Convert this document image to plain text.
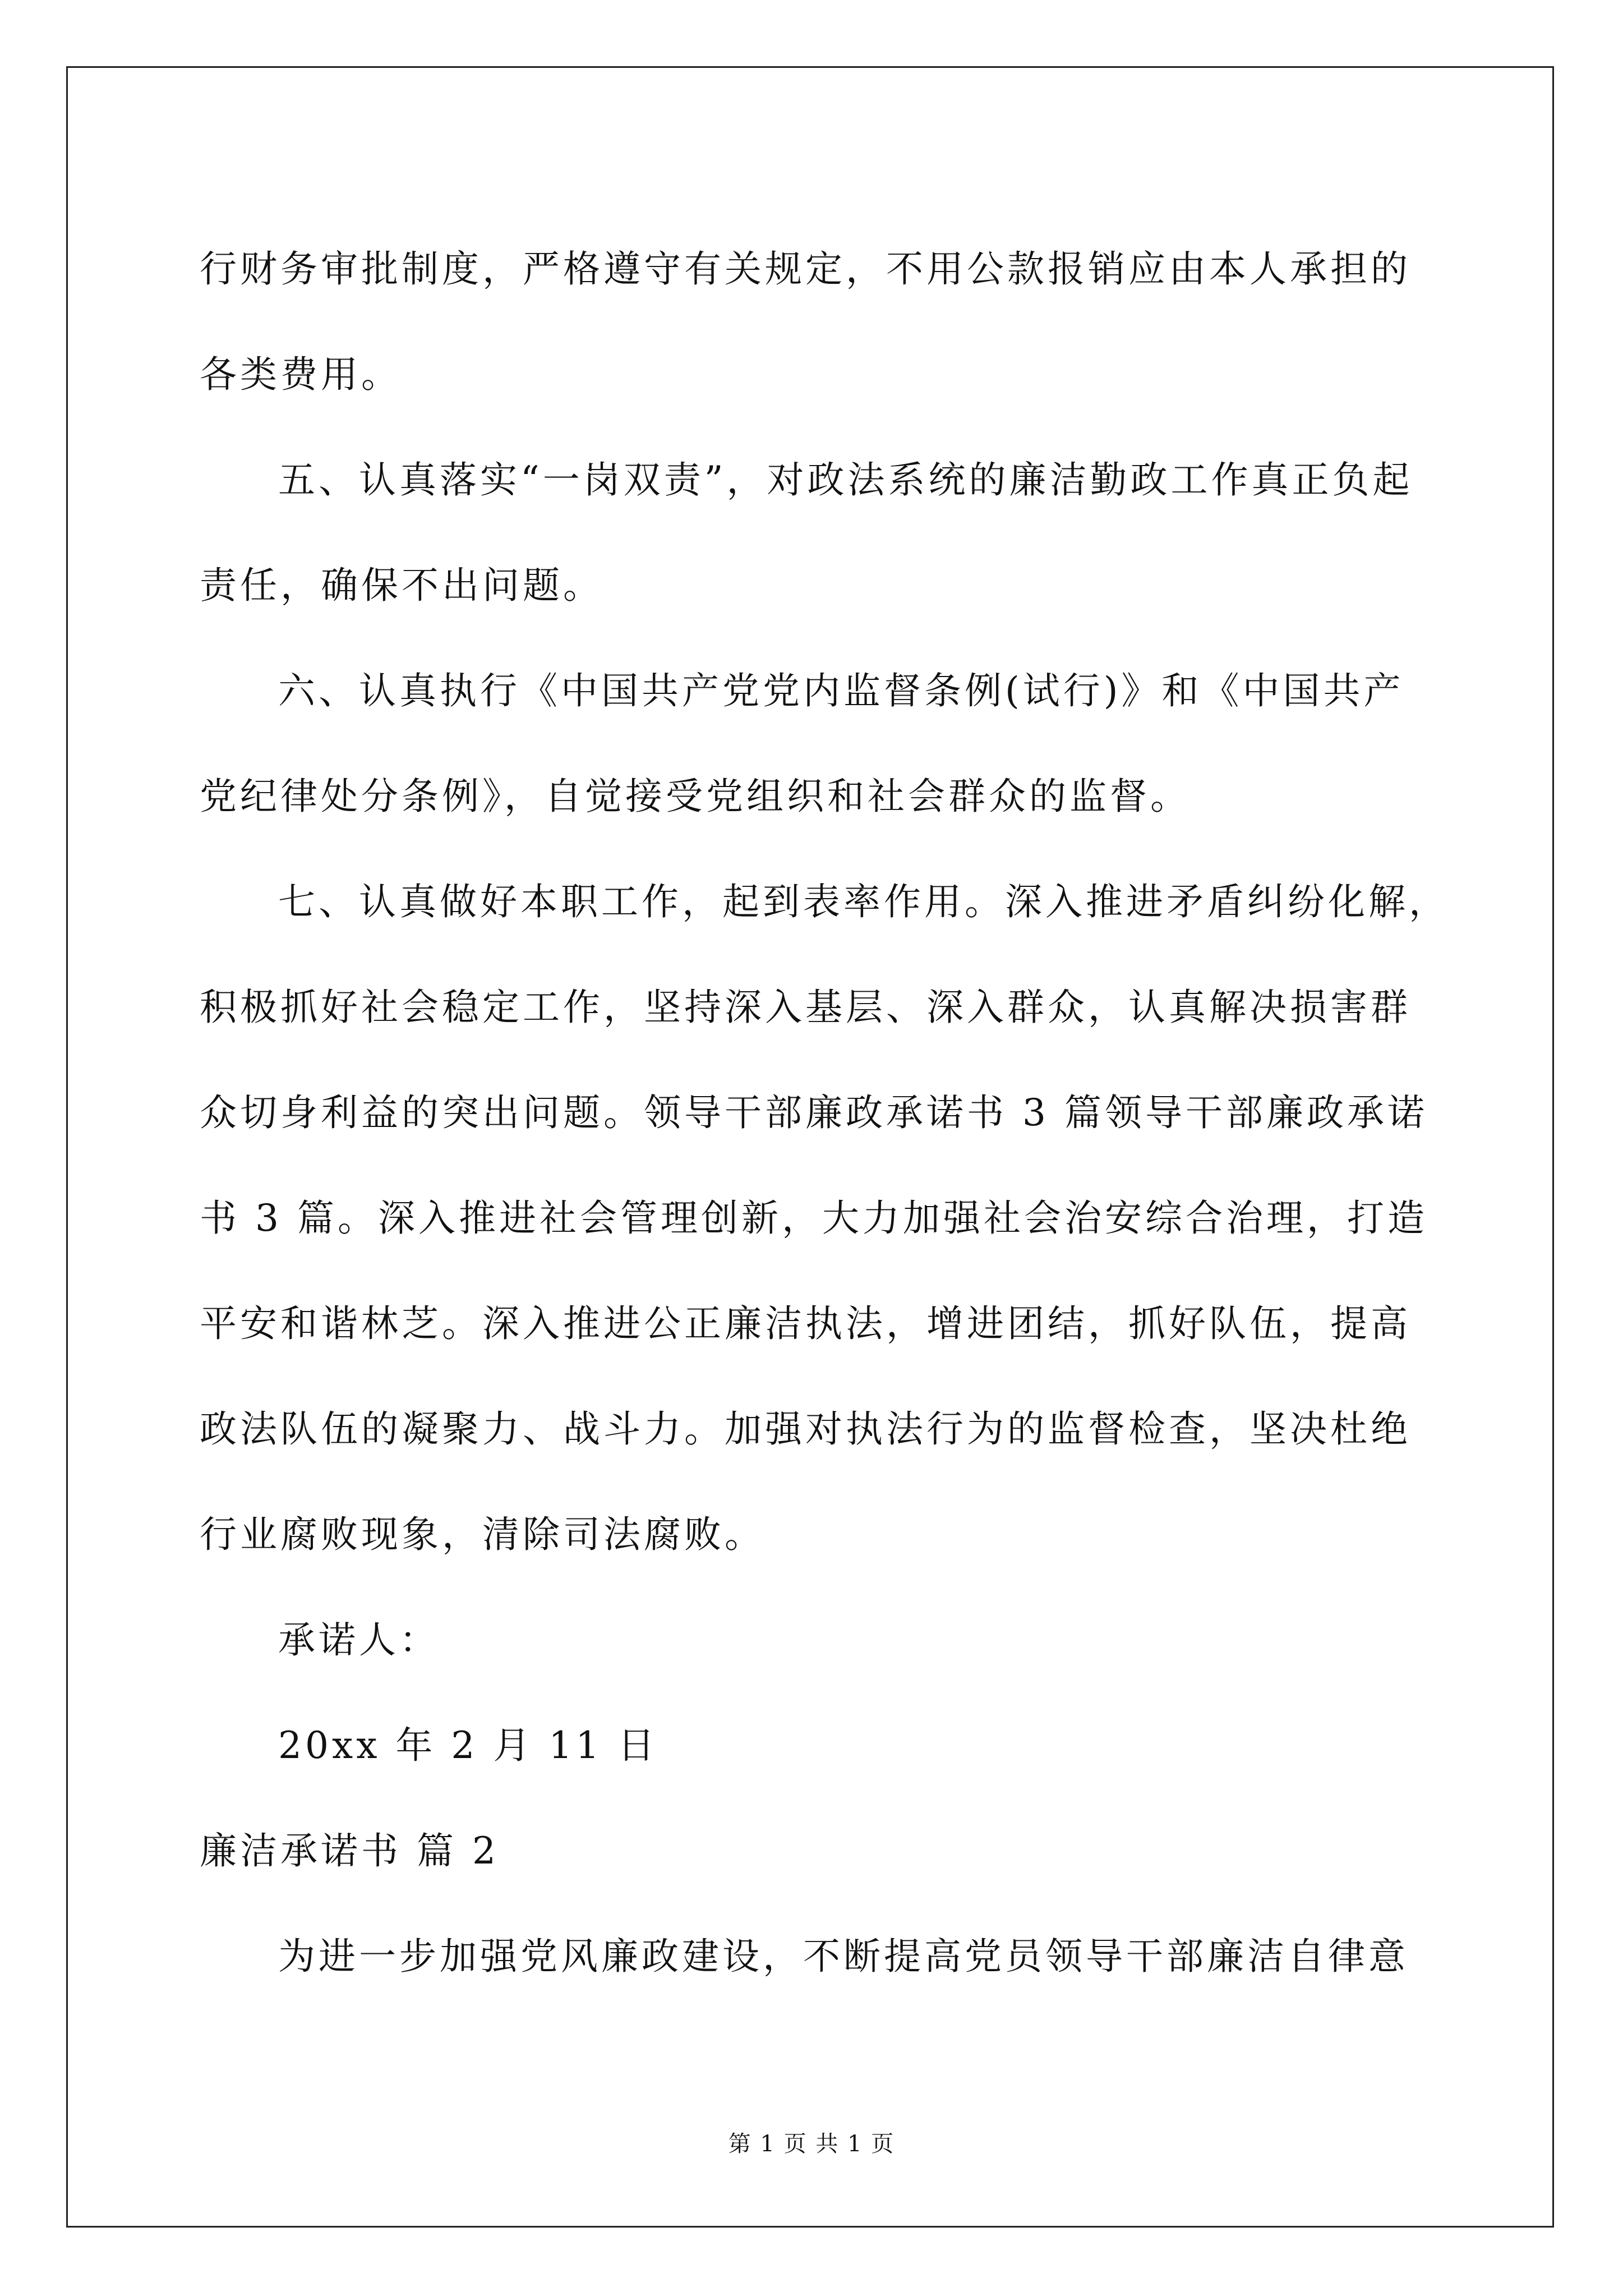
行财务审批制度，严格遵守有关规定，不用公款报销应由本人承担的

各类费用。

五、认真落实“一岗双责”，对政法系统的廉洁勤政工作真正负起

责任，确保不出问题。

六、认真执行《中国共产党党内监督条例(试行)》和《中国共产

党纪律处分条例》，自觉接受党组织和社会群众的监督。

七、认真做好本职工作，起到表率作用。深入推进矛盾纠纷化解，

积极抓好社会稳定工作，坚持深入基层、深入群众，认真解决损害群

众切身利益的突出问题。领导干部廉政承诺书 3 篇领导干部廉政承诺

书 3 篇。深入推进社会管理创新，大力加强社会治安综合治理，打造

平安和谐林芝。深入推进公正廉洁执法，增进团结，抓好队伍，提高

政法队伍的凝聚力、战斗力。加强对执法行为的监督检查，坚决杜绝

行业腐败现象，清除司法腐败。

承诺人：

20xx 年 2 月 11 日

廉洁承诺书 篇 2

为进一步加强党风廉政建设，不断提高党员领导干部廉洁自律意

第 1 页 共 1 页
